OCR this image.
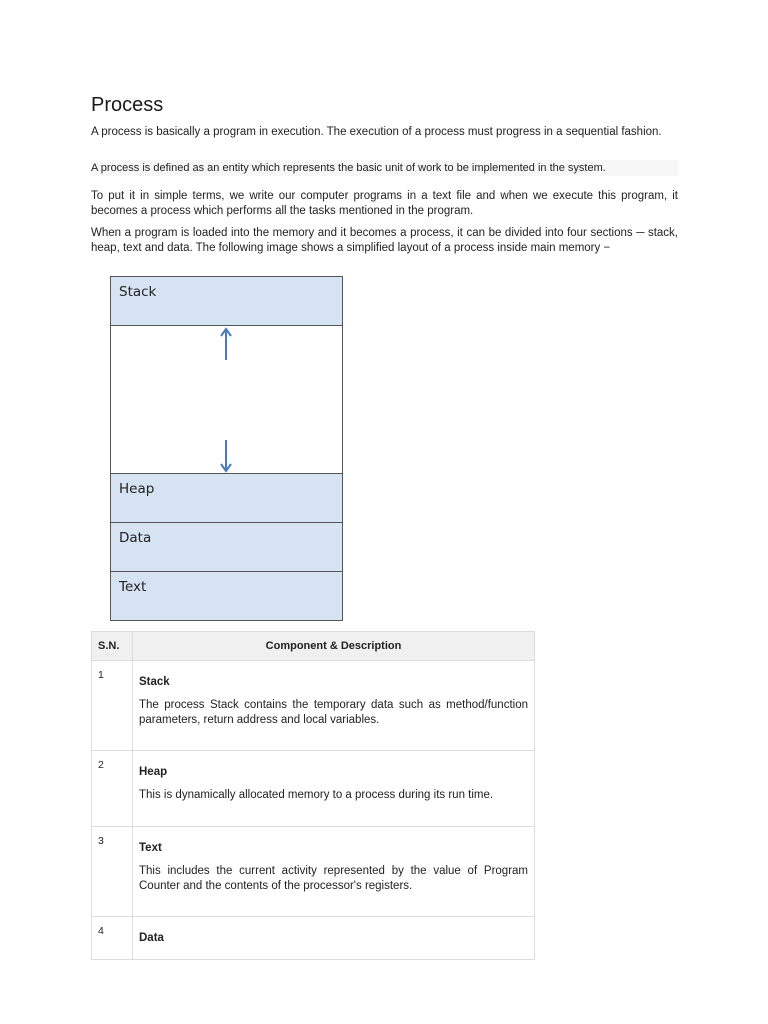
Process

A process is basically a program in execution. The execution of a process must progress in a sequential fashion.

A process is defined as an entity which represents the basic unit of work to be implemented in the system.

To put it in simple terms, we write our computer programs in a text file and when we execute this program, it becomes a process which performs all the tasks mentioned in the program.

When a program is loaded into the memory and it becomes a process, it can be divided into four sections ─ stack, heap, text and data. The following image shows a simplified layout of a process inside main memory −

S.N.	Component & Description
1	Stack
The process Stack contains the temporary data such as method/function parameters, return address and local variables.

2	Heap
This is dynamically allocated memory to a process during its run time.

3	Text
This includes the current activity represented by the value of Program Counter and the contents of the processor's registers.

4	Data
Stack
Heap
Data
Text
